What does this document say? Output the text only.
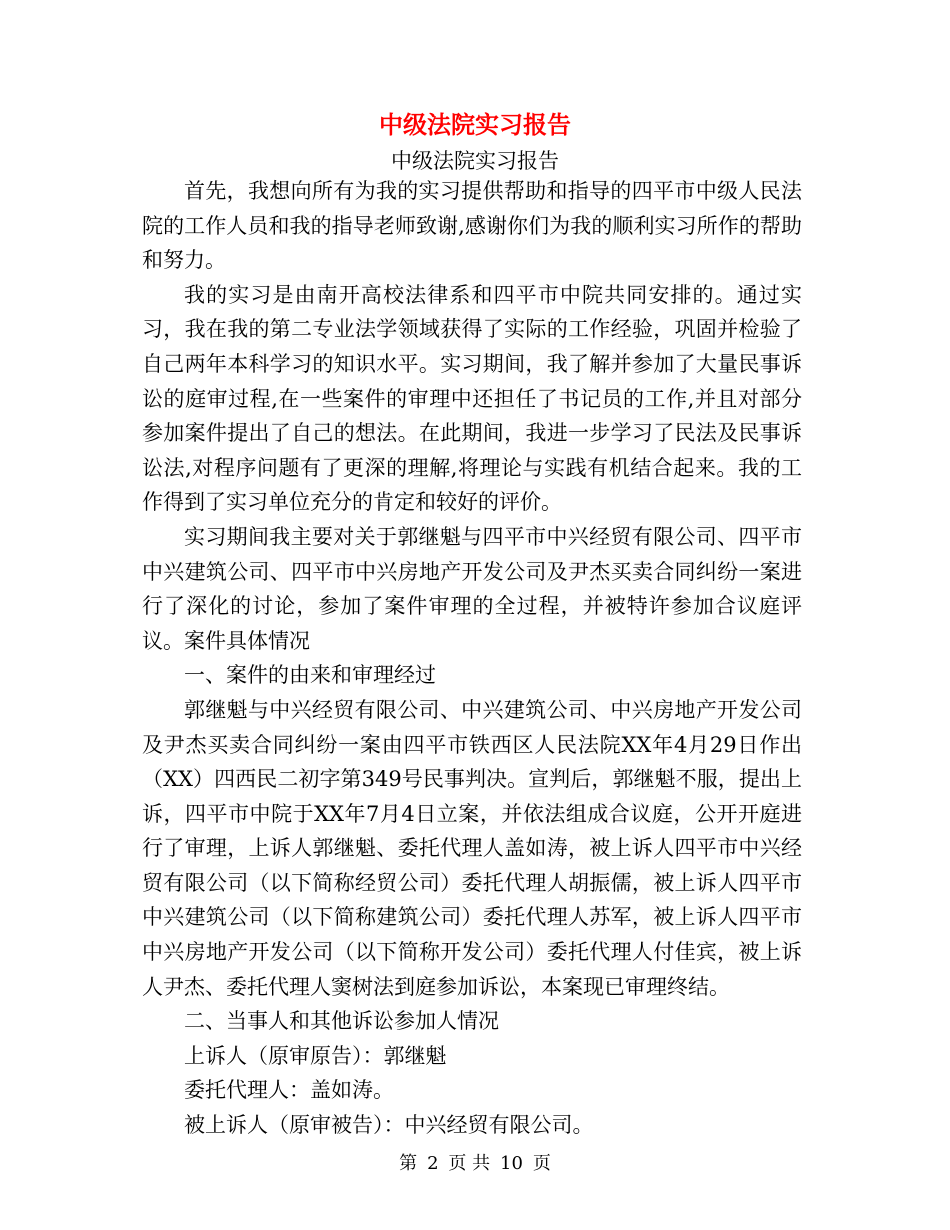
中级法院实习报告
中级法院实习报告

首先，我想向所有为我的实习提供帮助和指导的四平市中级人民法院的工作人员和我的指导老师致谢,感谢你们为我的顺利实习所作的帮助和努力。

我的实习是由南开高校法律系和四平市中院共同安排的。通过实习，我在我的第二专业法学领域获得了实际的工作经验，巩固并检验了自己两年本科学习的知识水平。实习期间，我了解并参加了大量民事诉讼的庭审过程,在一些案件的审理中还担任了书记员的工作,并且对部分参加案件提出了自己的想法。在此期间，我进一步学习了民法及民事诉讼法,对程序问题有了更深的理解,将理论与实践有机结合起来。我的工作得到了实习单位充分的肯定和较好的评价。

实习期间我主要对关于郭继魁与四平市中兴经贸有限公司、四平市中兴建筑公司、四平市中兴房地产开发公司及尹杰买卖合同纠纷一案进行了深化的讨论，参加了案件审理的全过程，并被特许参加合议庭评议。案件具体情况

一、案件的由来和审理经过

郭继魁与中兴经贸有限公司、中兴建筑公司、中兴房地产开发公司及尹杰买卖合同纠纷一案由四平市铁西区人民法院XX年4月29日作出（XX）四西民二初字第349号民事判决。宣判后，郭继魁不服，提出上诉，四平市中院于XX年7月4日立案，并依法组成合议庭，公开开庭进行了审理，上诉人郭继魁、委托代理人盖如涛，被上诉人四平市中兴经贸有限公司（以下简称经贸公司）委托代理人胡振儒，被上诉人四平市中兴建筑公司（以下简称建筑公司）委托代理人苏军，被上诉人四平市中兴房地产开发公司（以下简称开发公司）委托代理人付佳宾，被上诉人尹杰、委托代理人窦树法到庭参加诉讼，本案现已审理终结。

二、当事人和其他诉讼参加人情况

上诉人（原审原告）：郭继魁

委托代理人：盖如涛。

被上诉人（原审被告）：中兴经贸有限公司。

第 2 页 共 10 页
